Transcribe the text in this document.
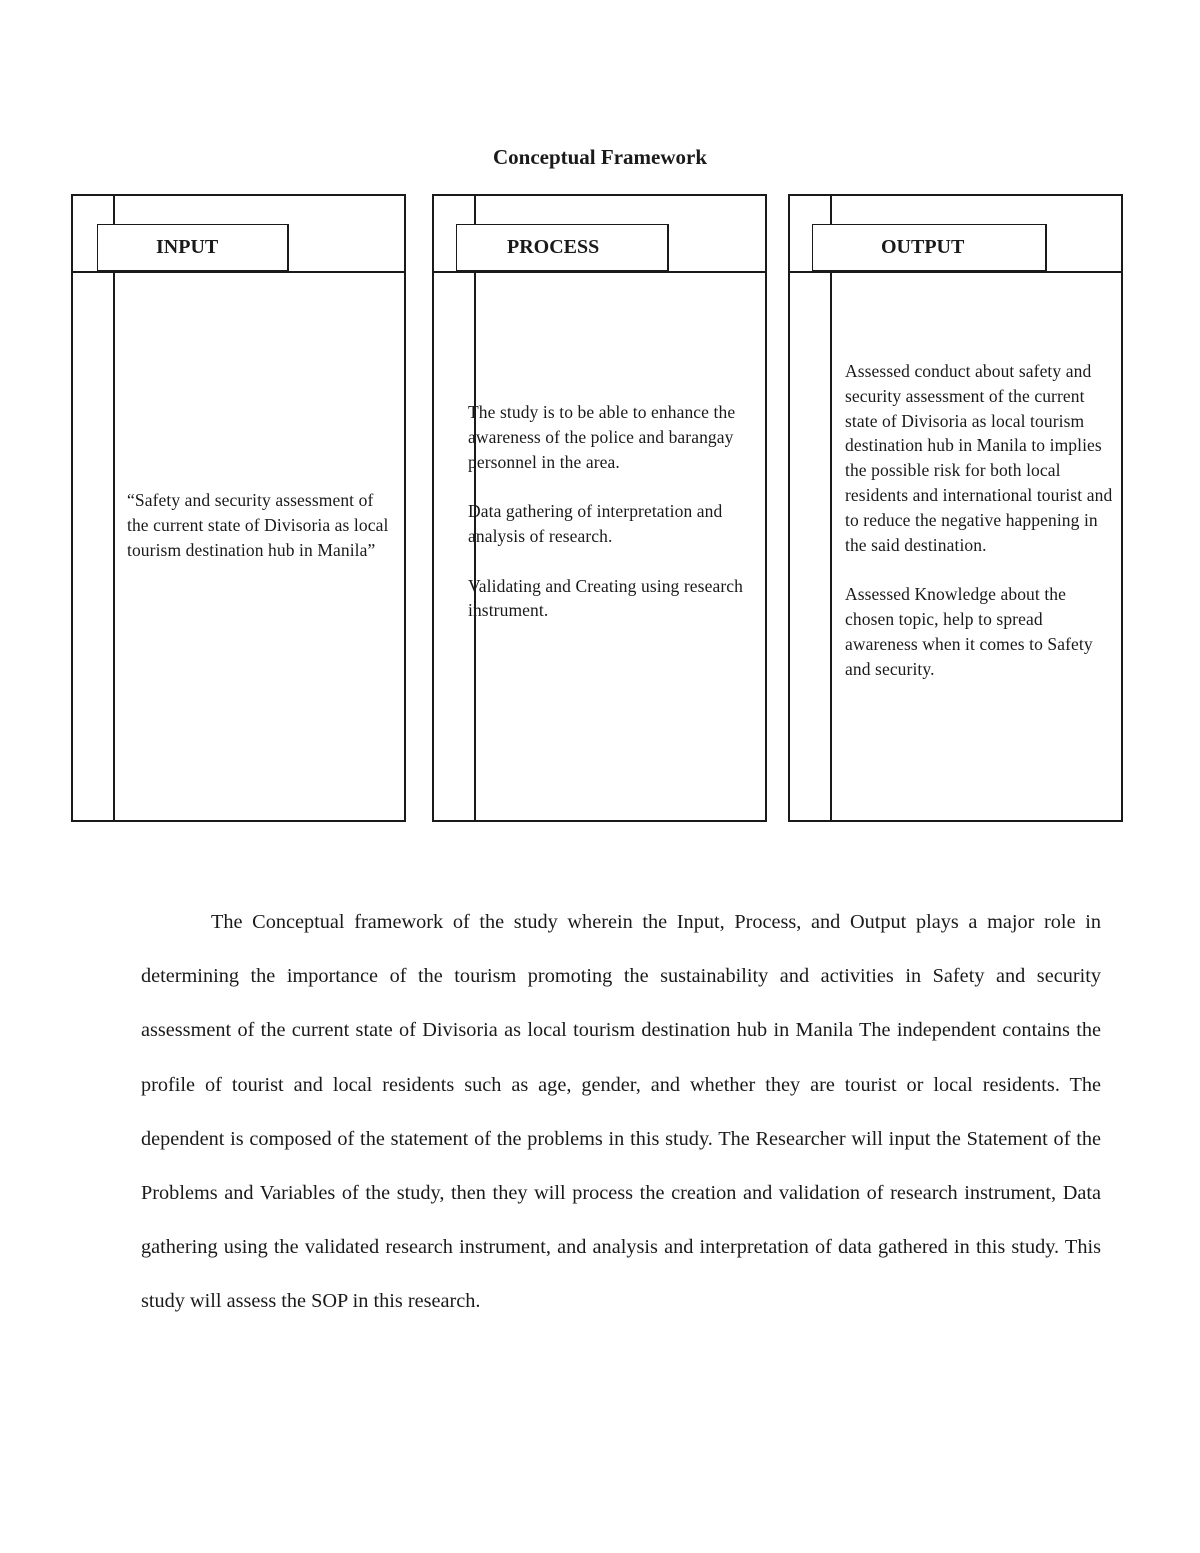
Conceptual Framework
INPUT

“Safety and security assessment of the current state of Divisoria as local tourism destination hub in Manila”

PROCESS

The study is to be able to enhance the awareness of the police and barangay personnel in the area.

Data gathering of interpretation and analysis of research.

Validating and Creating using research instrument.

OUTPUT

Assessed conduct about safety and security assessment of the current state of Divisoria as local tourism destination hub in Manila to implies the possible risk for both local residents and international tourist and to reduce the negative happening in the said destination.

Assessed Knowledge about the chosen topic, help to spread awareness when it comes to Safety and security.

The Conceptual framework of the study wherein the Input, Process, and Output plays a major role in determining the importance of the tourism promoting the sustainability and activities in Safety and security assessment of the current state of Divisoria as local tourism destination hub in Manila The independent contains the profile of tourist and local residents such as age, gender, and whether they are tourist or local residents. The dependent is composed of the statement of the problems in this study. The Researcher will input the Statement of the Problems and Variables of the study, then they will process the creation and validation of research instrument, Data gathering using the validated research instrument, and analysis and interpretation of data gathered in this study. This study will assess the SOP in this research.
